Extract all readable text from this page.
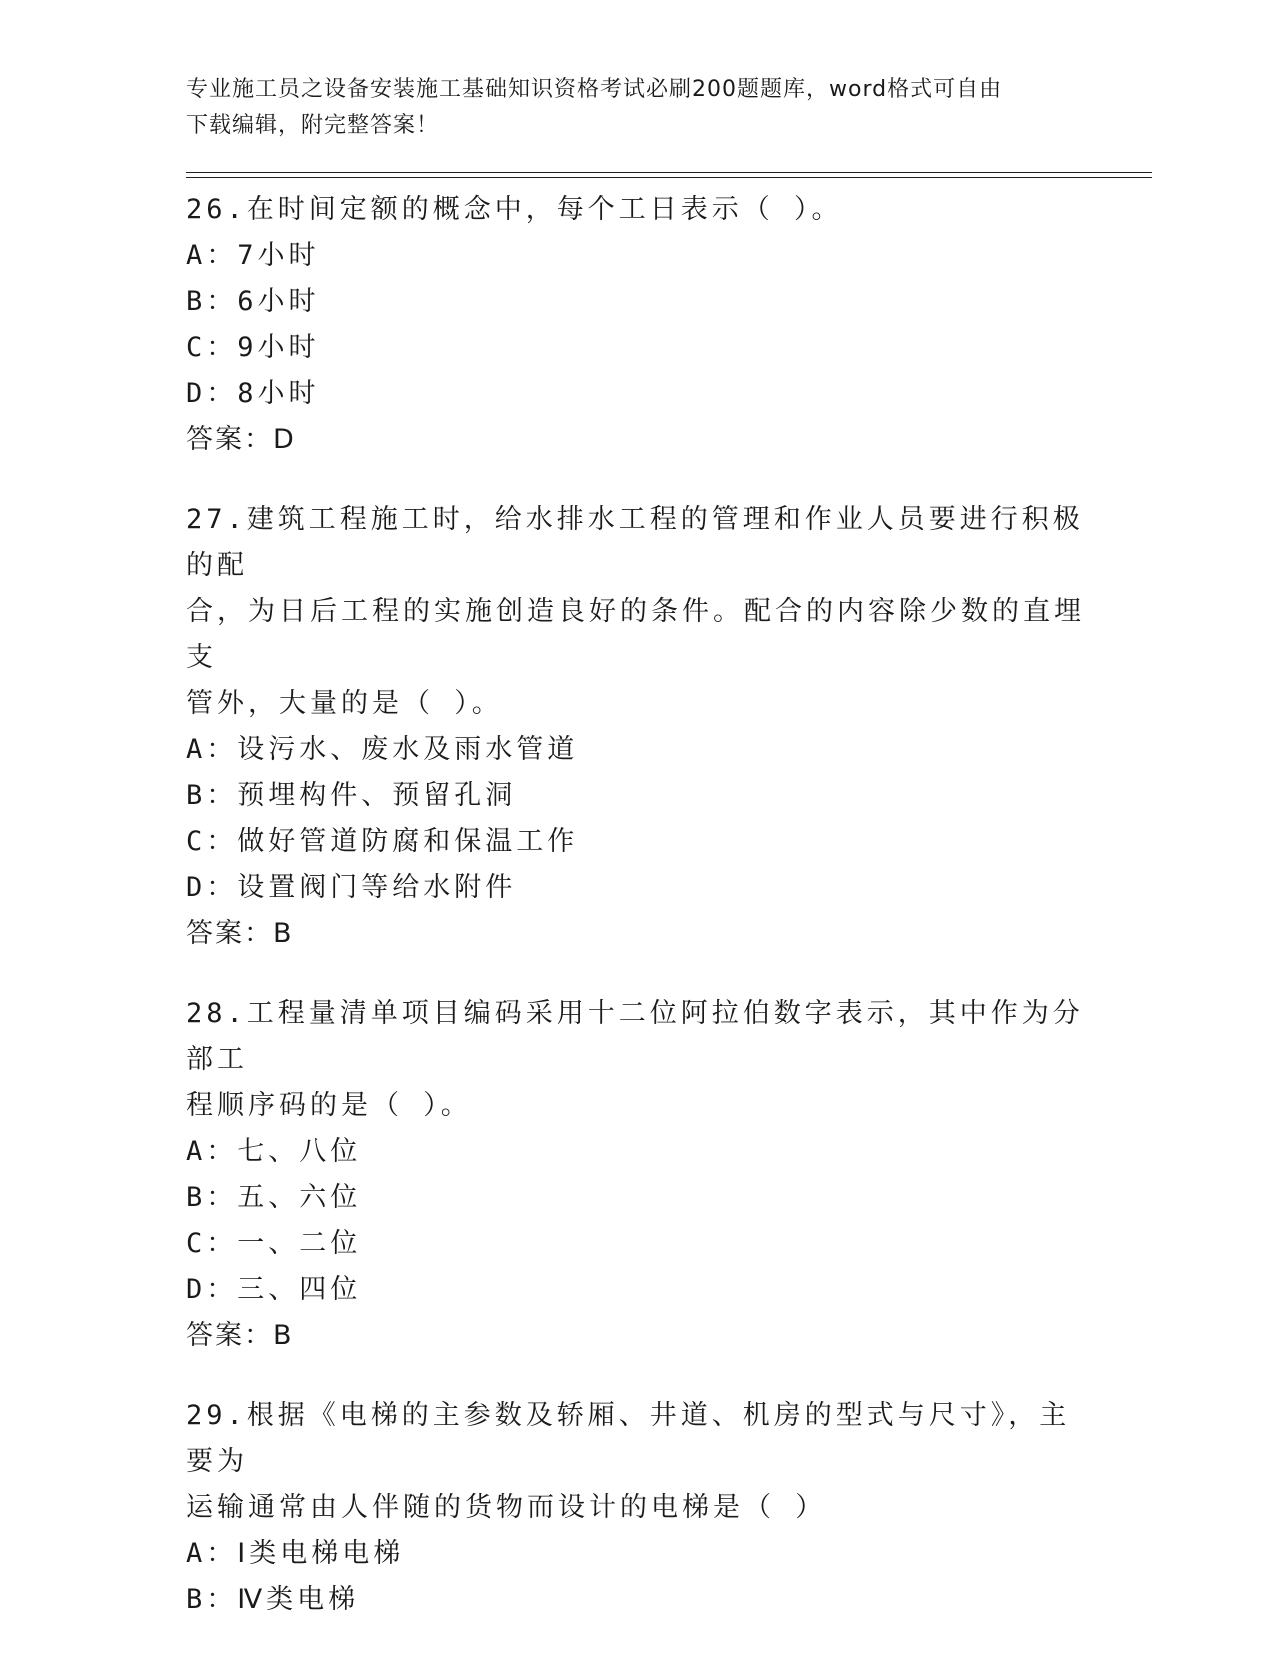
专业施工员之设备安装施工基础知识资格考试必刷200题题库，word格式可自由
下载编辑，附完整答案！
26.在时间定额的概念中，每个工日表示（ ）。
A：7小时
B：6小时
C：9小时
D：8小时
答案：D
27.建筑工程施工时，给水排水工程的管理和作业人员要进行积极的配
合，为日后工程的实施创造良好的条件。配合的内容除少数的直埋支
管外，大量的是（ ）。
A：设污水、废水及雨水管道
B：预埋构件、预留孔洞
C：做好管道防腐和保温工作
D：设置阀门等给水附件
答案：B
28.工程量清单项目编码采用十二位阿拉伯数字表示，其中作为分部工
程顺序码的是（ ）。
A：七、八位
B：五、六位
C：一、二位
D：三、四位
答案：B
29.根据《电梯的主参数及轿厢、井道、机房的型式与尺寸》，主要为
运输通常由人伴随的货物而设计的电梯是（ ）
A：Ⅰ类电梯电梯
B：Ⅳ类电梯
